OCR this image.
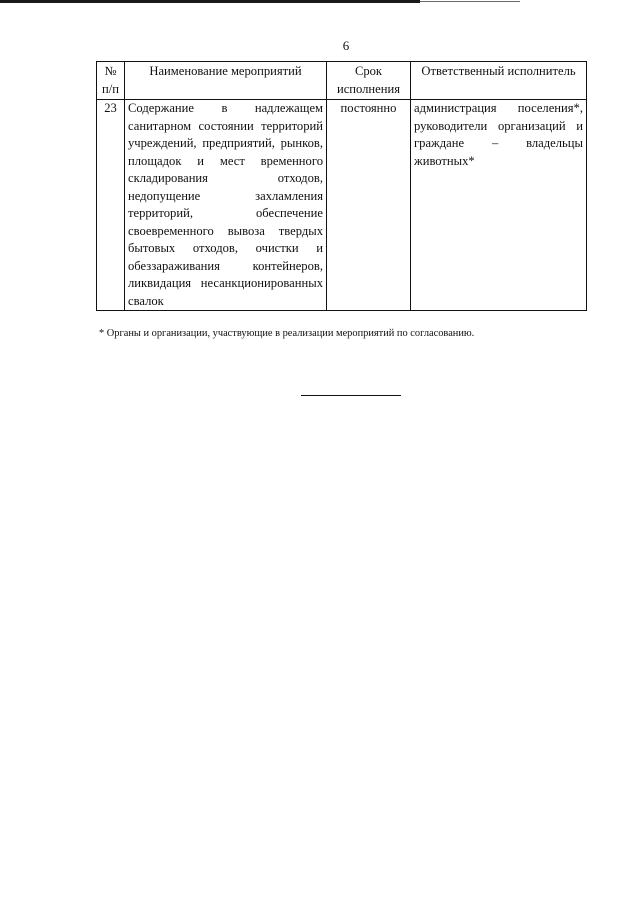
6
№ п/п	Наименование мероприятий	Срок исполнения	Ответственный исполнитель
23	Содержание в надлежащем санитарном состоянии территорий учреждений, предприятий, рынков, площадок и мест временного складирования отходов, недопущение захламления территорий, обеспечение своевременного вывоза твердых бытовых отходов, очистки и обеззараживания контейнеров, ликвидация несанкционированных свалок	постоянно	администрация поселения*, руководители организаций и граждане – владельцы животных*
* Органы и организации, участвующие в реализации мероприятий по согласованию.
